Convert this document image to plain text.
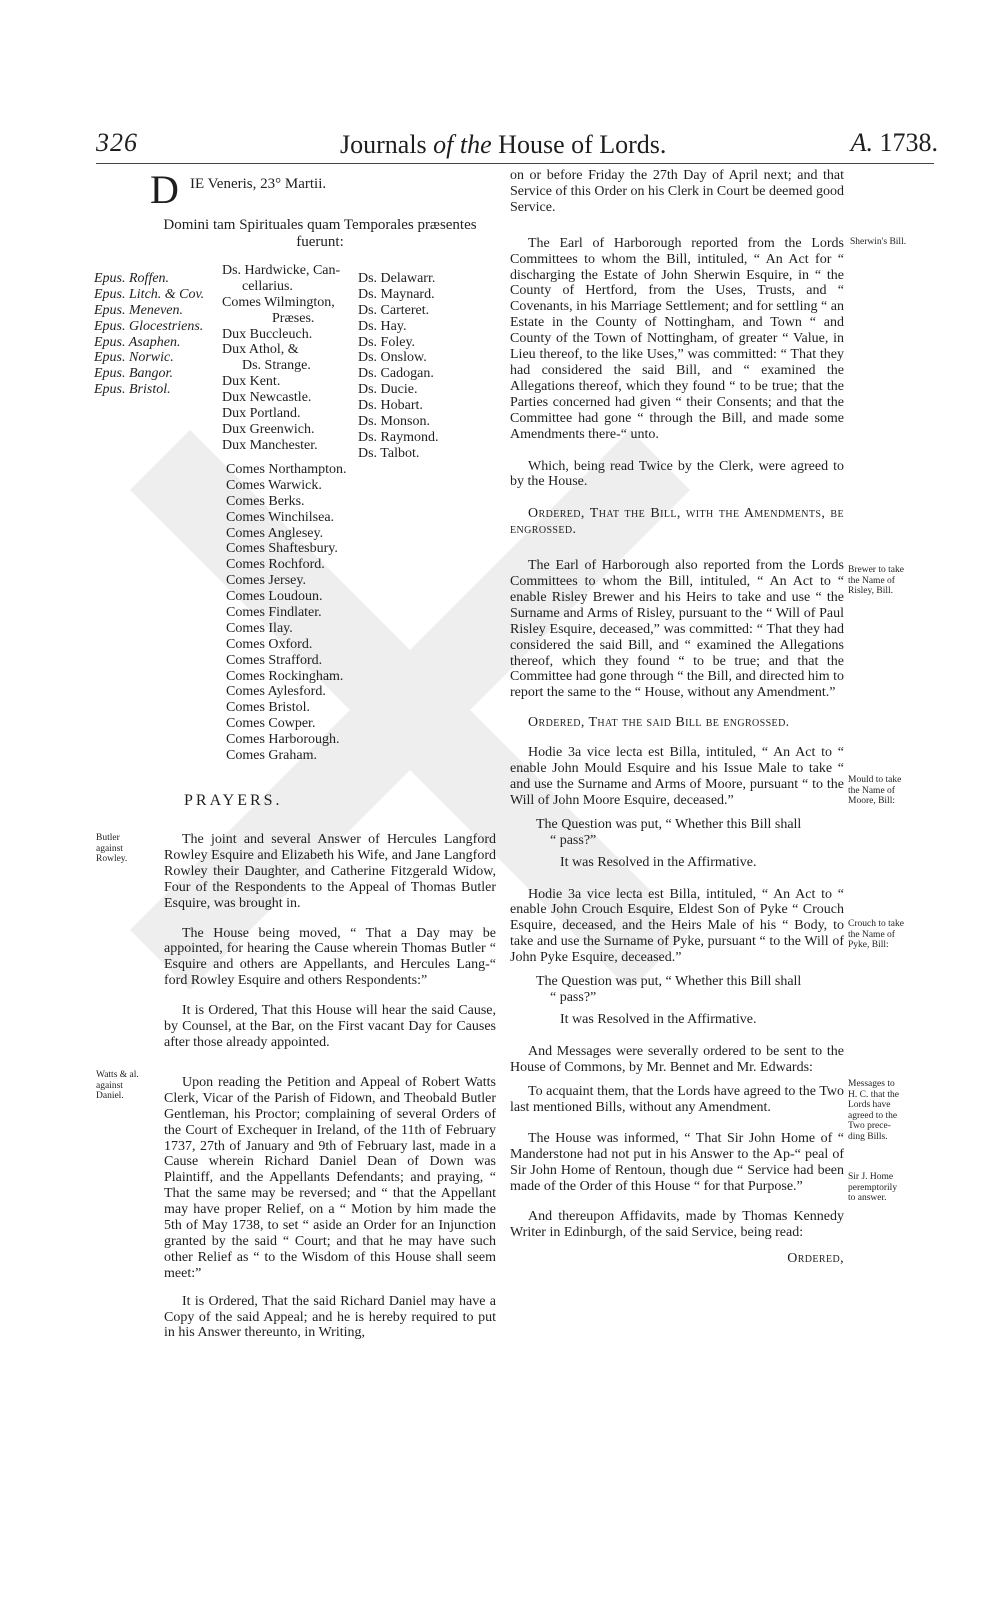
326	Journals of the House of Lords.	A. 1738.
D IE Veneris, 23° Martii.
Domini tam Spirituales quam Temporales præsentes
fuerunt:
Epus. Roffen.
Epus. Litch. & Cov.
Epus. Meneven.
Epus. Glocestriens.
Epus. Asaphen.
Epus. Norwic.
Epus. Bangor.
Epus. Bristol.
Ds. Hardwicke, Can-
cellarius.
Comes Wilmington,
Præses.
Dux Buccleuch.
Dux Athol, &
Ds. Strange.
Dux Kent.
Dux Newcastle.
Dux Portland.
Dux Greenwich.
Dux Manchester.
Ds. Delawarr.
Ds. Maynard.
Ds. Carteret.
Ds. Hay.
Ds. Foley.
Ds. Onslow.
Ds. Cadogan.
Ds. Ducie.
Ds. Hobart.
Ds. Monson.
Ds. Raymond.
Ds. Talbot.
Comes Northampton.
Comes Warwick.
Comes Berks.
Comes Winchilsea.
Comes Anglesey.
Comes Shaftesbury.
Comes Rochford.
Comes Jersey.
Comes Loudoun.
Comes Findlater.
Comes Ilay.
Comes Oxford.
Comes Strafford.
Comes Rockingham.
Comes Aylesford.
Comes Bristol.
Comes Cowper.
Comes Harborough.
Comes Graham.
PRAYERS.
Butler
against
Rowley.
Watts & al.
against
Daniel.

The joint and several Answer of Hercules Langford Rowley Esquire and Elizabeth his Wife, and Jane Langford Rowley their Daughter, and Catherine Fitzgerald Widow, Four of the Respondents to the Appeal of Thomas Butler Esquire, was brought in.

The House being moved, “ That a Day may be appointed, for hearing the Cause wherein Thomas Butler “ Esquire and others are Appellants, and Hercules Lang-“ ford Rowley Esquire and others Respondents:”

It is Ordered, That this House will hear the said Cause, by Counsel, at the Bar, on the First vacant Day for Causes after those already appointed.

Upon reading the Petition and Appeal of Robert Watts Clerk, Vicar of the Parish of Fidown, and Theobald Butler Gentleman, his Proctor; complaining of several Orders of the Court of Exchequer in Ireland, of the 11th of February 1737, 27th of January and 9th of February last, made in a Cause wherein Richard Daniel Dean of Down was Plaintiff, and the Appellants Defendants; and praying, “ That the same may be reversed; and “ that the Appellant may have proper Relief, on a “ Motion by him made the 5th of May 1738, to set “ aside an Order for an Injunction granted by the said “ Court; and that he may have such other Relief as “ to the Wisdom of this House shall seem meet:”

It is Ordered, That the said Richard Daniel may have a Copy of the said Appeal; and he is hereby required to put in his Answer thereunto, in Writing,

Sherwin's Bill.
Brewer to take
the Name of
Risley, Bill.
Mould to take
the Name of
Moore, Bill:
Crouch to take
the Name of
Pyke, Bill:
Messages to
H. C. that the
Lords have
agreed to the
Two prece-
ding Bills.
Sir J. Home
peremptorily
to answer.

on or before Friday the 27th Day of April next; and that Service of this Order on his Clerk in Court be deemed good Service.

The Earl of Harborough reported from the Lords Committees to whom the Bill, intituled, “ An Act for “ discharging the Estate of John Sherwin Esquire, in “ the County of Hertford, from the Uses, Trusts, and “ Covenants, in his Marriage Settlement; and for settling “ an Estate in the County of Nottingham, and Town “ and County of the Town of Nottingham, of greater “ Value, in Lieu thereof, to the like Uses,” was committed: “ That they had considered the said Bill, and “ examined the Allegations thereof, which they found “ to be true; that the Parties concerned had given “ their Consents; and that the Committee had gone “ through the Bill, and made some Amendments there-“ unto.

Which, being read Twice by the Clerk, were agreed to by the House.

Ordered, That the Bill, with the Amendments, be engrossed.

The Earl of Harborough also reported from the Lords Committees to whom the Bill, intituled, “ An Act to “ enable Risley Brewer and his Heirs to take and use “ the Surname and Arms of Risley, pursuant to the “ Will of Paul Risley Esquire, deceased,” was committed: “ That they had considered the said Bill, and “ examined the Allegations thereof, which they found “ to be true; and that the Committee had gone through “ the Bill, and directed him to report the same to the “ House, without any Amendment.”

Ordered, That the said Bill be engrossed.

Hodie 3a vice lecta est Billa, intituled, “ An Act to “ enable John Mould Esquire and his Issue Male to take “ and use the Surname and Arms of Moore, pursuant “ to the Will of John Moore Esquire, deceased.”

The Question was put, “ Whether this Bill shall

“ pass?”

It was Resolved in the Affirmative.

Hodie 3a vice lecta est Billa, intituled, “ An Act to “ enable John Crouch Esquire, Eldest Son of Pyke “ Crouch Esquire, deceased, and the Heirs Male of his “ Body, to take and use the Surname of Pyke, pursuant “ to the Will of John Pyke Esquire, deceased.”

The Question was put, “ Whether this Bill shall

“ pass?”

It was Resolved in the Affirmative.

And Messages were severally ordered to be sent to the House of Commons, by Mr. Bennet and Mr. Edwards:

To acquaint them, that the Lords have agreed to the Two last mentioned Bills, without any Amendment.

The House was informed, “ That Sir John Home of “ Manderstone had not put in his Answer to the Ap-“ peal of Sir John Home of Rentoun, though due “ Service had been made of the Order of this House “ for that Purpose.”

And thereupon Affidavits, made by Thomas Kennedy Writer in Edinburgh, of the said Service, being read:

Ordered,
